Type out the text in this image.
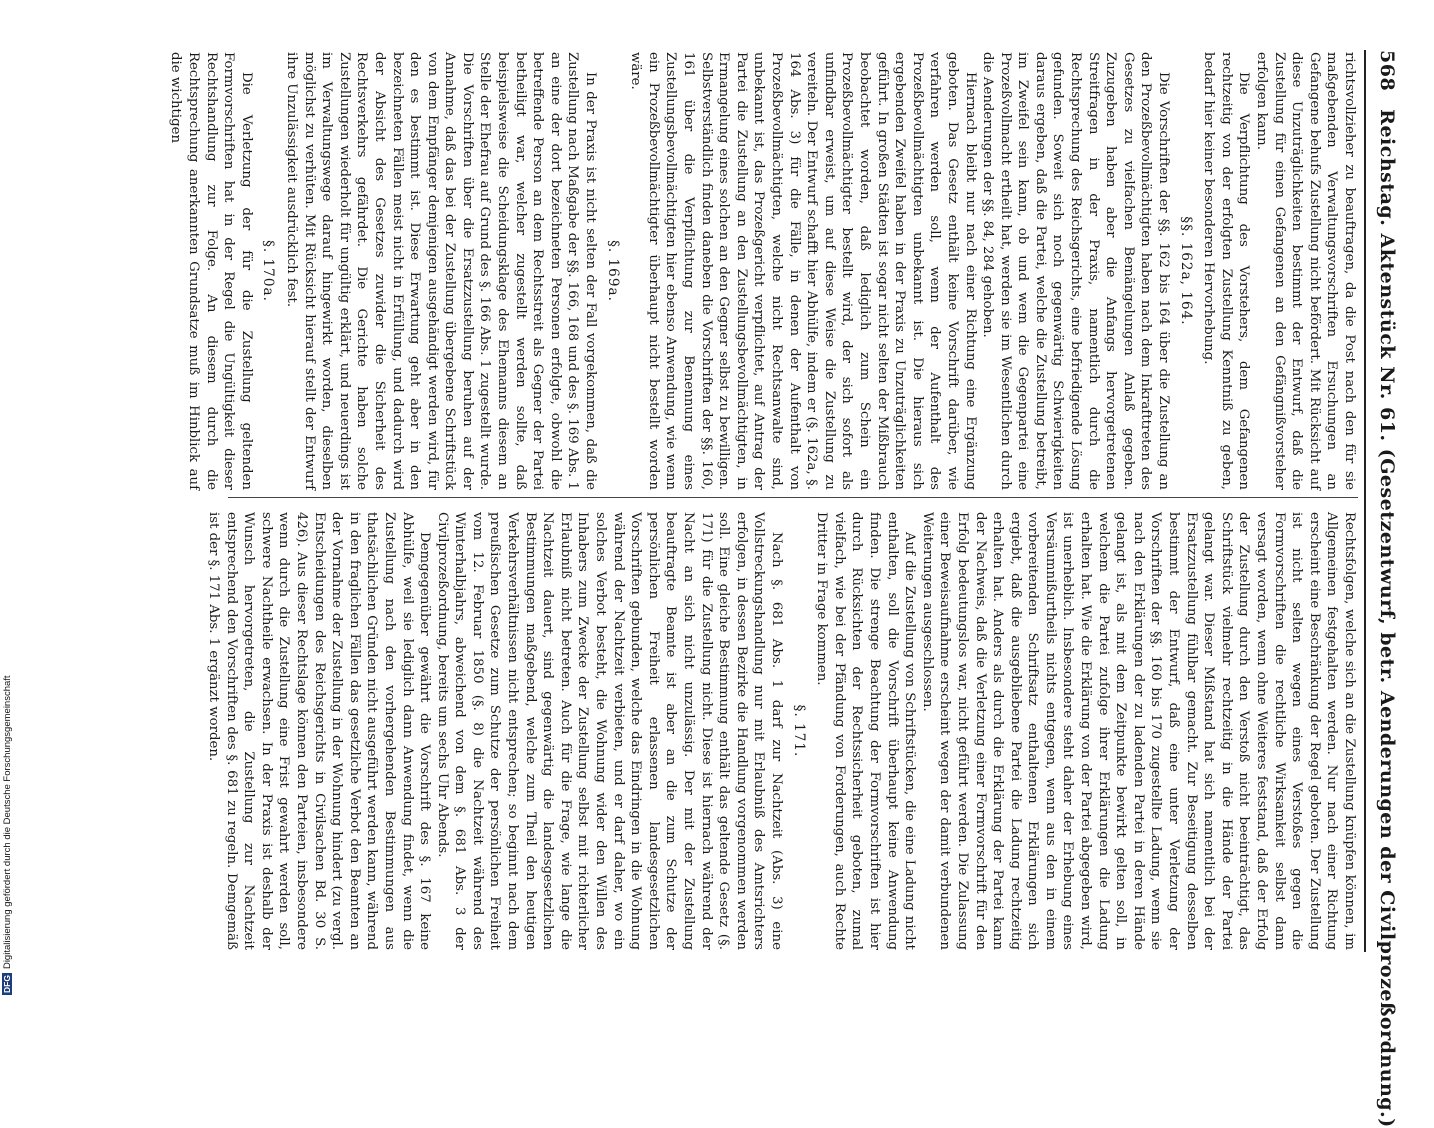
568
Reichstag. Aktenstück Nr. 61. (Gesetzentwurf, betr. Aenderungen der Civilprozeßordnung.)

richtsvollzieher zu beauftragen, da die Post nach den für sie maßgebenden Verwaltungsvorschriften Ersuchungen an Gefangene behufs Zustellung nicht befördert. Mit Rücksicht auf diese Unzuträglichkeiten bestimmt der Entwurf, daß die Zustellung für einen Gefangenen an den Gefängnißvorsteher erfolgen kann.

Die Verpflichtung des Vorstehers, dem Gefangenen rechtzeitig von der erfolgten Zustellung Kenntniß zu geben, bedarf hier keiner besonderen Hervorhebung.

§§. 162a, 164.

Die Vorschriften der §§. 162 bis 164 über die Zustellung an den Prozeßbevollmächtigten haben nach dem Inkrafttreten des Gesetzes zu vielfachen Bemängelungen Anlaß gegeben. Zuzugeben haben aber die Anfangs hervorgetretenen Streitfragen in der Praxis, namentlich durch die Rechtsprechung des Reichsgerichts, eine befriedigende Lösung gefunden. Soweit sich noch gegenwärtig Schwierigkeiten daraus ergeben, daß die Partei, welche die Zustellung betreibt, im Zweifel sein kann, ob und wem die Gegenpartei eine Prozeßvollmacht ertheilt hat, werden sie im Wesentlichen durch die Aenderungen der §§. 84, 284 gehoben.

Hiernach bleibt nur nach einer Richtung eine Ergänzung geboten. Das Gesetz enthält keine Vorschrift darüber, wie verfahren werden soll, wenn der Aufenthalt des Prozeßbevollmächtigten unbekannt ist. Die hieraus sich ergebenden Zweifel haben in der Praxis zu Unzuträglichkeiten geführt. In großen Städten ist sogar nicht selten der Mißbrauch beobachtet worden, daß lediglich zum Schein ein Prozeßbevollmächtigter bestellt wird, der sich sofort als unfindbar erweist, um auf diese Weise die Zustellung zu vereiteln. Der Entwurf schafft hier Abhülfe, indem er (§. 162a, §. 164 Abs. 3) für die Fälle, in denen der Aufenthalt von Prozeßbevollmächtigten, welche nicht Rechtsanwalte sind, unbekannt ist, das Prozeßgericht verpflichtet, auf Antrag der Partei die Zustellung an den Zustellungsbevollmächtigten, in Ermangelung eines solchen an den Gegner selbst zu bewilligen. Selbstverständlich finden daneben die Vorschriften der §§. 160, 161 über die Verpflichtung zur Benennung eines Zustellungsbevollmächtigten hier ebenso Anwendung, wie wenn ein Prozeßbevollmächtigter überhaupt nicht bestellt worden wäre.

§. 169a.

In der Praxis ist nicht selten der Fall vorgekommen, daß die Zustellung nach Maßgabe der §§. 166, 168 und des §. 169 Abs. 1 an eine der dort bezeichneten Personen erfolgte, obwohl die betreffende Person an dem Rechtsstreit als Gegner der Partei betheiligt war, welcher zugestellt werden sollte, daß beispielsweise die Scheidungsklage des Ehemanns diesem an Stelle der Ehefrau auf Grund des §. 166 Abs. 1 zugestellt wurde. Die Vorschriften über die Ersatzzustellung beruhen auf der Annahme, daß das bei der Zustellung übergebene Schriftstück von dem Empfänger demjenigen ausgehändigt werden wird, für den es bestimmt ist. Diese Erwartung geht aber in den bezeichneten Fällen meist nicht in Erfüllung, und dadurch wird der Absicht des Gesetzes zuwider die Sicherheit des Rechtsverkehrs gefährdet. Die Gerichte haben solche Zustellungen wiederholt für ungültig erklärt, und neuerdings ist im Verwaltungswege darauf hingewirkt worden, dieselben möglichst zu verhüten. Mit Rücksicht hierauf stellt der Entwurf ihre Unzulässigkeit ausdrücklich fest.

§. 170a.

Die Verletzung der für die Zustellung geltenden Formvorschriften hat in der Regel die Ungültigkeit dieser Rechtshandlung zur Folge. An diesem durch die Rechtsprechung anerkannten Grundsatze muß im Hinblick auf die wichtigen

Rechtsfolgen, welche sich an die Zustellung knüpfen können, im Allgemeinen festgehalten werden. Nur nach einer Richtung erscheint eine Beschränkung der Regel geboten. Der Zustellung ist nicht selten wegen eines Verstoßes gegen die Formvorschriften die rechtliche Wirksamkeit selbst dann versagt worden, wenn ohne Weiteres feststand, daß der Erfolg der Zustellung durch den Verstoß nicht beeinträchtigt, das Schriftstück vielmehr rechtzeitig in die Hände der Partei gelangt war. Dieser Mißstand hat sich namentlich bei der Ersatzzustellung fühlbar gemacht. Zur Beseitigung desselben bestimmt der Entwurf, daß eine unter Verletzung der Vorschriften der §§. 160 bis 170 zugestellte Ladung, wenn sie nach den Erklärungen der zu ladenden Partei in deren Hände gelangt ist, als mit dem Zeitpunkte bewirkt gelten soll, in welchem die Partei zufolge ihrer Erklärungen die Ladung erhalten hat. Wie die Erklärung von der Partei abgegeben wird, ist unerheblich. Insbesondere steht daher der Erhebung eines Versäumnißurtheils nichts entgegen, wenn aus den in einem vorbereitenden Schriftsatz enthaltenen Erklärungen sich ergiebt, daß die ausgebliebene Partei die Ladung rechtzeitig erhalten hat. Anders als durch die Erklärung der Partei kann der Nachweis, daß die Verletzung einer Formvorschrift für den Erfolg bedeutungslos war, nicht geführt werden. Die Zulassung einer Beweisaufnahme erscheint wegen der damit verbundenen Weiterungen ausgeschlossen.

Auf die Zustellung von Schriftstücken, die eine Ladung nicht enthalten, soll die Vorschrift überhaupt keine Anwendung finden. Die strenge Beachtung der Formvorschriften ist hier durch Rücksichten der Rechtssicherheit geboten, zumal vielfach, wie bei der Pfändung von Forderungen, auch Rechte Dritter in Frage kommen.

§. 171.

Nach §. 681 Abs. 1 darf zur Nachtzeit (Abs. 3) eine Vollstreckungshandlung nur mit Erlaubniß des Amtsrichters erfolgen, in dessen Bezirke die Handlung vorgenommen werden soll. Eine gleiche Bestimmung enthält das geltende Gesetz (§. 171) für die Zustellung nicht. Diese ist hiernach während der Nacht an sich nicht unzulässig. Der mit der Zustellung beauftragte Beamte ist aber an die zum Schutze der persönlichen Freiheit erlassenen landesgesetzlichen Vorschriften gebunden, welche das Eindringen in die Wohnung während der Nachtzeit verbieten, und er darf daher, wo ein solches Verbot besteht, die Wohnung wider den Willen des Inhabers zum Zwecke der Zustellung selbst mit richterlicher Erlaubniß nicht betreten. Auch für die Frage, wie lange die Nachtzeit dauert, sind gegenwärtig die landesgesetzlichen Bestimmungen maßgebend, welche zum Theil den heutigen Verkehrsverhältnissen nicht entsprechen; so beginnt nach dem preußischen Gesetze zum Schutze der persönlichen Freiheit vom 12. Februar 1850 (§. 8) die Nachtzeit während des Winterhalbjahrs, abweichend von dem §. 681 Abs. 3 der Civilprozeßordnung, bereits um sechs Uhr Abends.

Demgegenüber gewährt die Vorschrift des §. 167 keine Abhülfe, weil sie lediglich dann Anwendung findet, wenn die Zustellung nach den vorhergehenden Bestimmungen aus thatsächlichen Gründen nicht ausgeführt werden kann, während in den fraglichen Fällen das gesetzliche Verbot den Beamten an der Vornahme der Zustellung in der Wohnung hindert (zu vergl. Entscheidungen des Reichsgerichts in Civilsachen Bd. 30 S. 426). Aus dieser Rechtslage können den Parteien, insbesondere wenn durch die Zustellung eine Frist gewahrt werden soll, schwere Nachtheile erwachsen. In der Praxis ist deshalb der Wunsch hervorgetreten, die Zustellung zur Nachtzeit entsprechend den Vorschriften des §. 681 zu regeln. Demgemäß ist der §. 171 Abs. 1 ergänzt worden.

DFGDigitalisierung gefördert durch die Deutsche Forschungsgemeinschaft
